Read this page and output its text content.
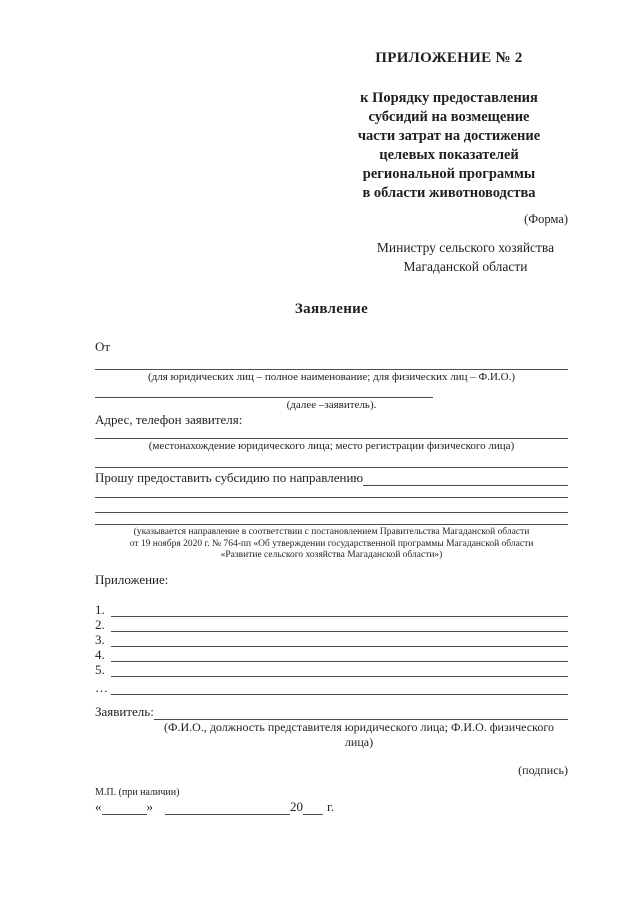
ПРИЛОЖЕНИЕ № 2
к Порядку предоставления
субсидий на возмещение
части затрат на достижение
целевых показателей
региональной программы
в области животноводства
(Форма)
Министру сельского хозяйства
Магаданской области
Заявление
От
(для юридических лиц – полное наименование; для физических лиц – Ф.И.О.)
(далее –заявитель).
Адрес, телефон заявителя:
(местонахождение юридического лица; место регистрации физического лица)
Прошу предоставить субсидию по направлению
(указывается направление в соответствии с постановлением Правительства Магаданской области
от 19 ноября 2020 г. № 764-пп «Об утверждении государственной программы Магаданской области
«Развитие сельского хозяйства Магаданской области»)
Приложение:
1.
2.
3.
4.
5.
…
Заявитель:
(Ф.И.О., должность представителя юридического лица; Ф.И.О. физического лица)
(подпись)
М.П. (при наличии)
«	»	20 г.
